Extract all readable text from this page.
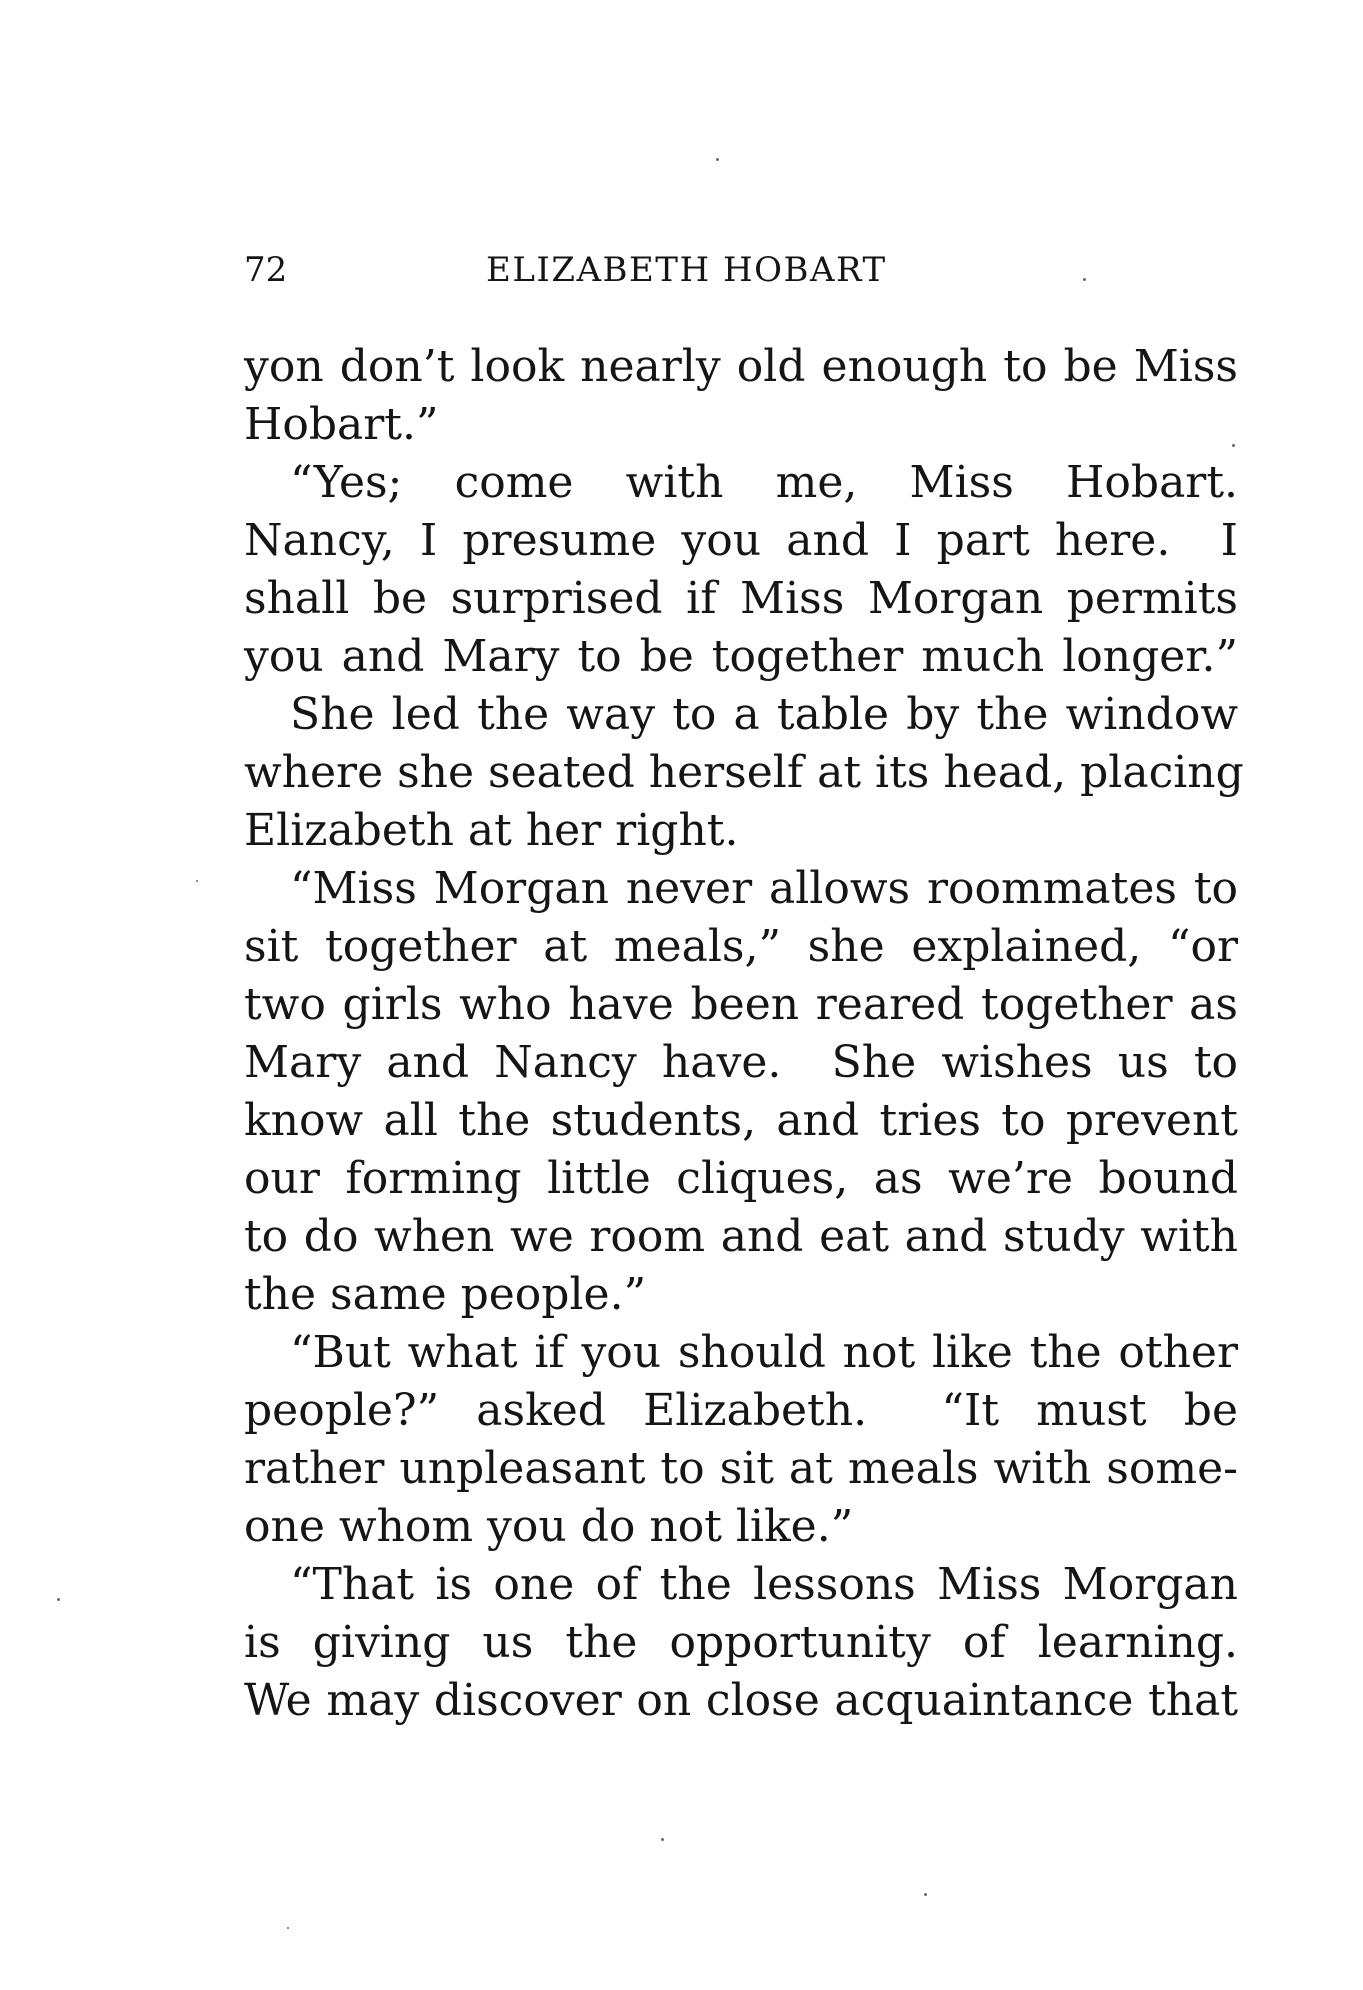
72	ELIZABETH HOBART
yon don’t look nearly old enough to be Miss
Hobart.”
“Yes;  come  with  me,  Miss  Hobart.
Nancy, I presume you and I part here.  I
shall be surprised if Miss Morgan permits
you and Mary to be together much longer.”
She led the way to a table by the window
where she seated herself at its head, placing
Elizabeth at her right.
“Miss Morgan never allows roommates to
sit together at meals,” she explained, “or
two girls who have been reared together as
Mary and Nancy have.  She wishes us to
know all the students, and tries to prevent
our forming little cliques, as we’re bound
to do when we room and eat and study with
the same people.”
“But what if you should not like the other
people?” asked Elizabeth.  “It must be
rather unpleasant to sit at meals with some-
one whom you do not like.”
“That is one of the lessons Miss Morgan
is giving us the opportunity of learning.
We may discover on close acquaintance that
